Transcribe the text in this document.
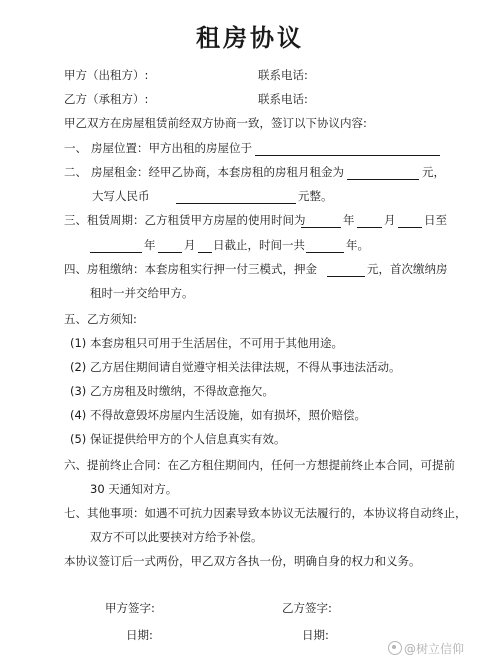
租房协议
甲方（出租方）:	联系电话:
乙方（承租方）:	联系电话:
甲乙双方在房屋租赁前经双方协商一致，签订以下协议内容:
一、 房屋位置：甲方出租的房屋位于
二、 房屋租金：经甲乙协商，本套房租的房租月租金为	元，
大写人民币	元整。
三、租赁周期：乙方租赁甲方房屋的使用时间为	年	月 日至
年 月 日截止，时间一共	年。
四、房租缴纳：本套房租实行押一付三模式，押金	元，首次缴纳房
租时一并交给甲方。
五、乙方须知:
(1) 本套房租只可用于生活居住，不可用于其他用途。
(2) 乙方居住期间请自觉遵守相关法律法规，不得从事违法活动。
(3) 乙方房租及时缴纳，不得故意拖欠。
(4) 不得故意毁坏房屋内生活设施，如有损坏，照价赔偿。
(5) 保证提供给甲方的个人信息真实有效。
六、提前终止合同：在乙方租住期间内，任何一方想提前终止本合同，可提前
30 天通知对方。
七、其他事项：如遇不可抗力因素导致本协议无法履行的，本协议将自动终止，
双方不可以此要挟对方给予补偿。
本协议签订后一式两份，甲乙双方各执一份，明确自身的权力和义务。
甲方签字:	乙方签字:
日期:	日期:
@树立信仰
